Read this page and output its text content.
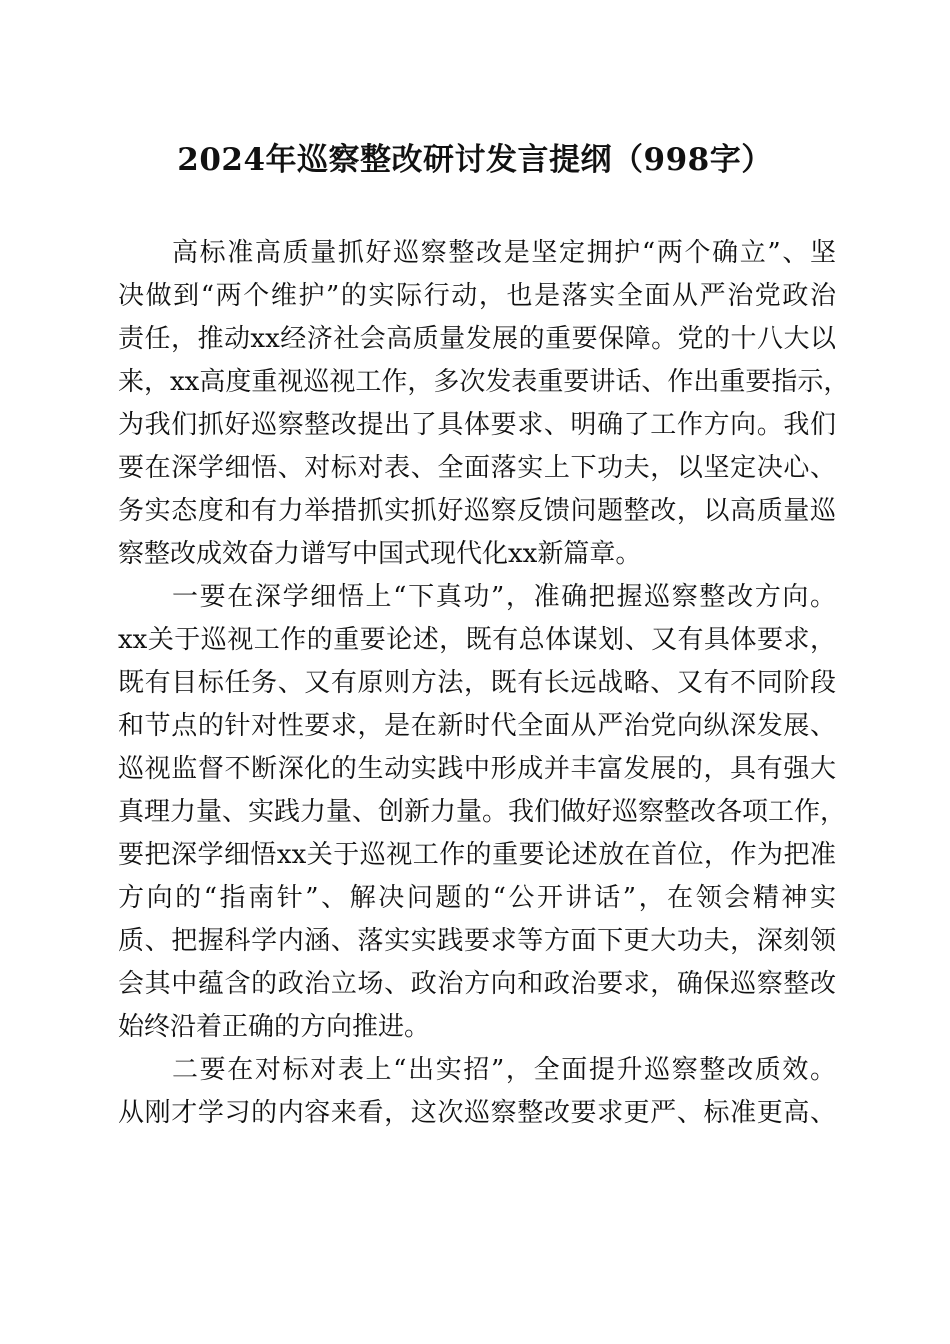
2024年巡察整改研讨发言提纲（998字）
高标准高质量抓好巡察整改是坚定拥护“两个确立”、坚
决做到“两个维护”的实际行动，也是落实全面从严治党政治
责任，推动xx经济社会高质量发展的重要保障。党的十八大以
来，xx高度重视巡视工作，多次发表重要讲话、作出重要指示，
为我们抓好巡察整改提出了具体要求、明确了工作方向。我们
要在深学细悟、对标对表、全面落实上下功夫，以坚定决心、
务实态度和有力举措抓实抓好巡察反馈问题整改，以高质量巡
察整改成效奋力谱写中国式现代化xx新篇章。
一要在深学细悟上“下真功”，准确把握巡察整改方向。
xx关于巡视工作的重要论述，既有总体谋划、又有具体要求，
既有目标任务、又有原则方法，既有长远战略、又有不同阶段
和节点的针对性要求，是在新时代全面从严治党向纵深发展、
巡视监督不断深化的生动实践中形成并丰富发展的，具有强大
真理力量、实践力量、创新力量。我们做好巡察整改各项工作，
要把深学细悟xx关于巡视工作的重要论述放在首位，作为把准
方向的“指南针”、解决问题的“公开讲话”，在领会精神实
质、把握科学内涵、落实实践要求等方面下更大功夫，深刻领
会其中蕴含的政治立场、政治方向和政治要求，确保巡察整改
始终沿着正确的方向推进。
二要在对标对表上“出实招”，全面提升巡察整改质效。
从刚才学习的内容来看，这次巡察整改要求更严、标准更高、
